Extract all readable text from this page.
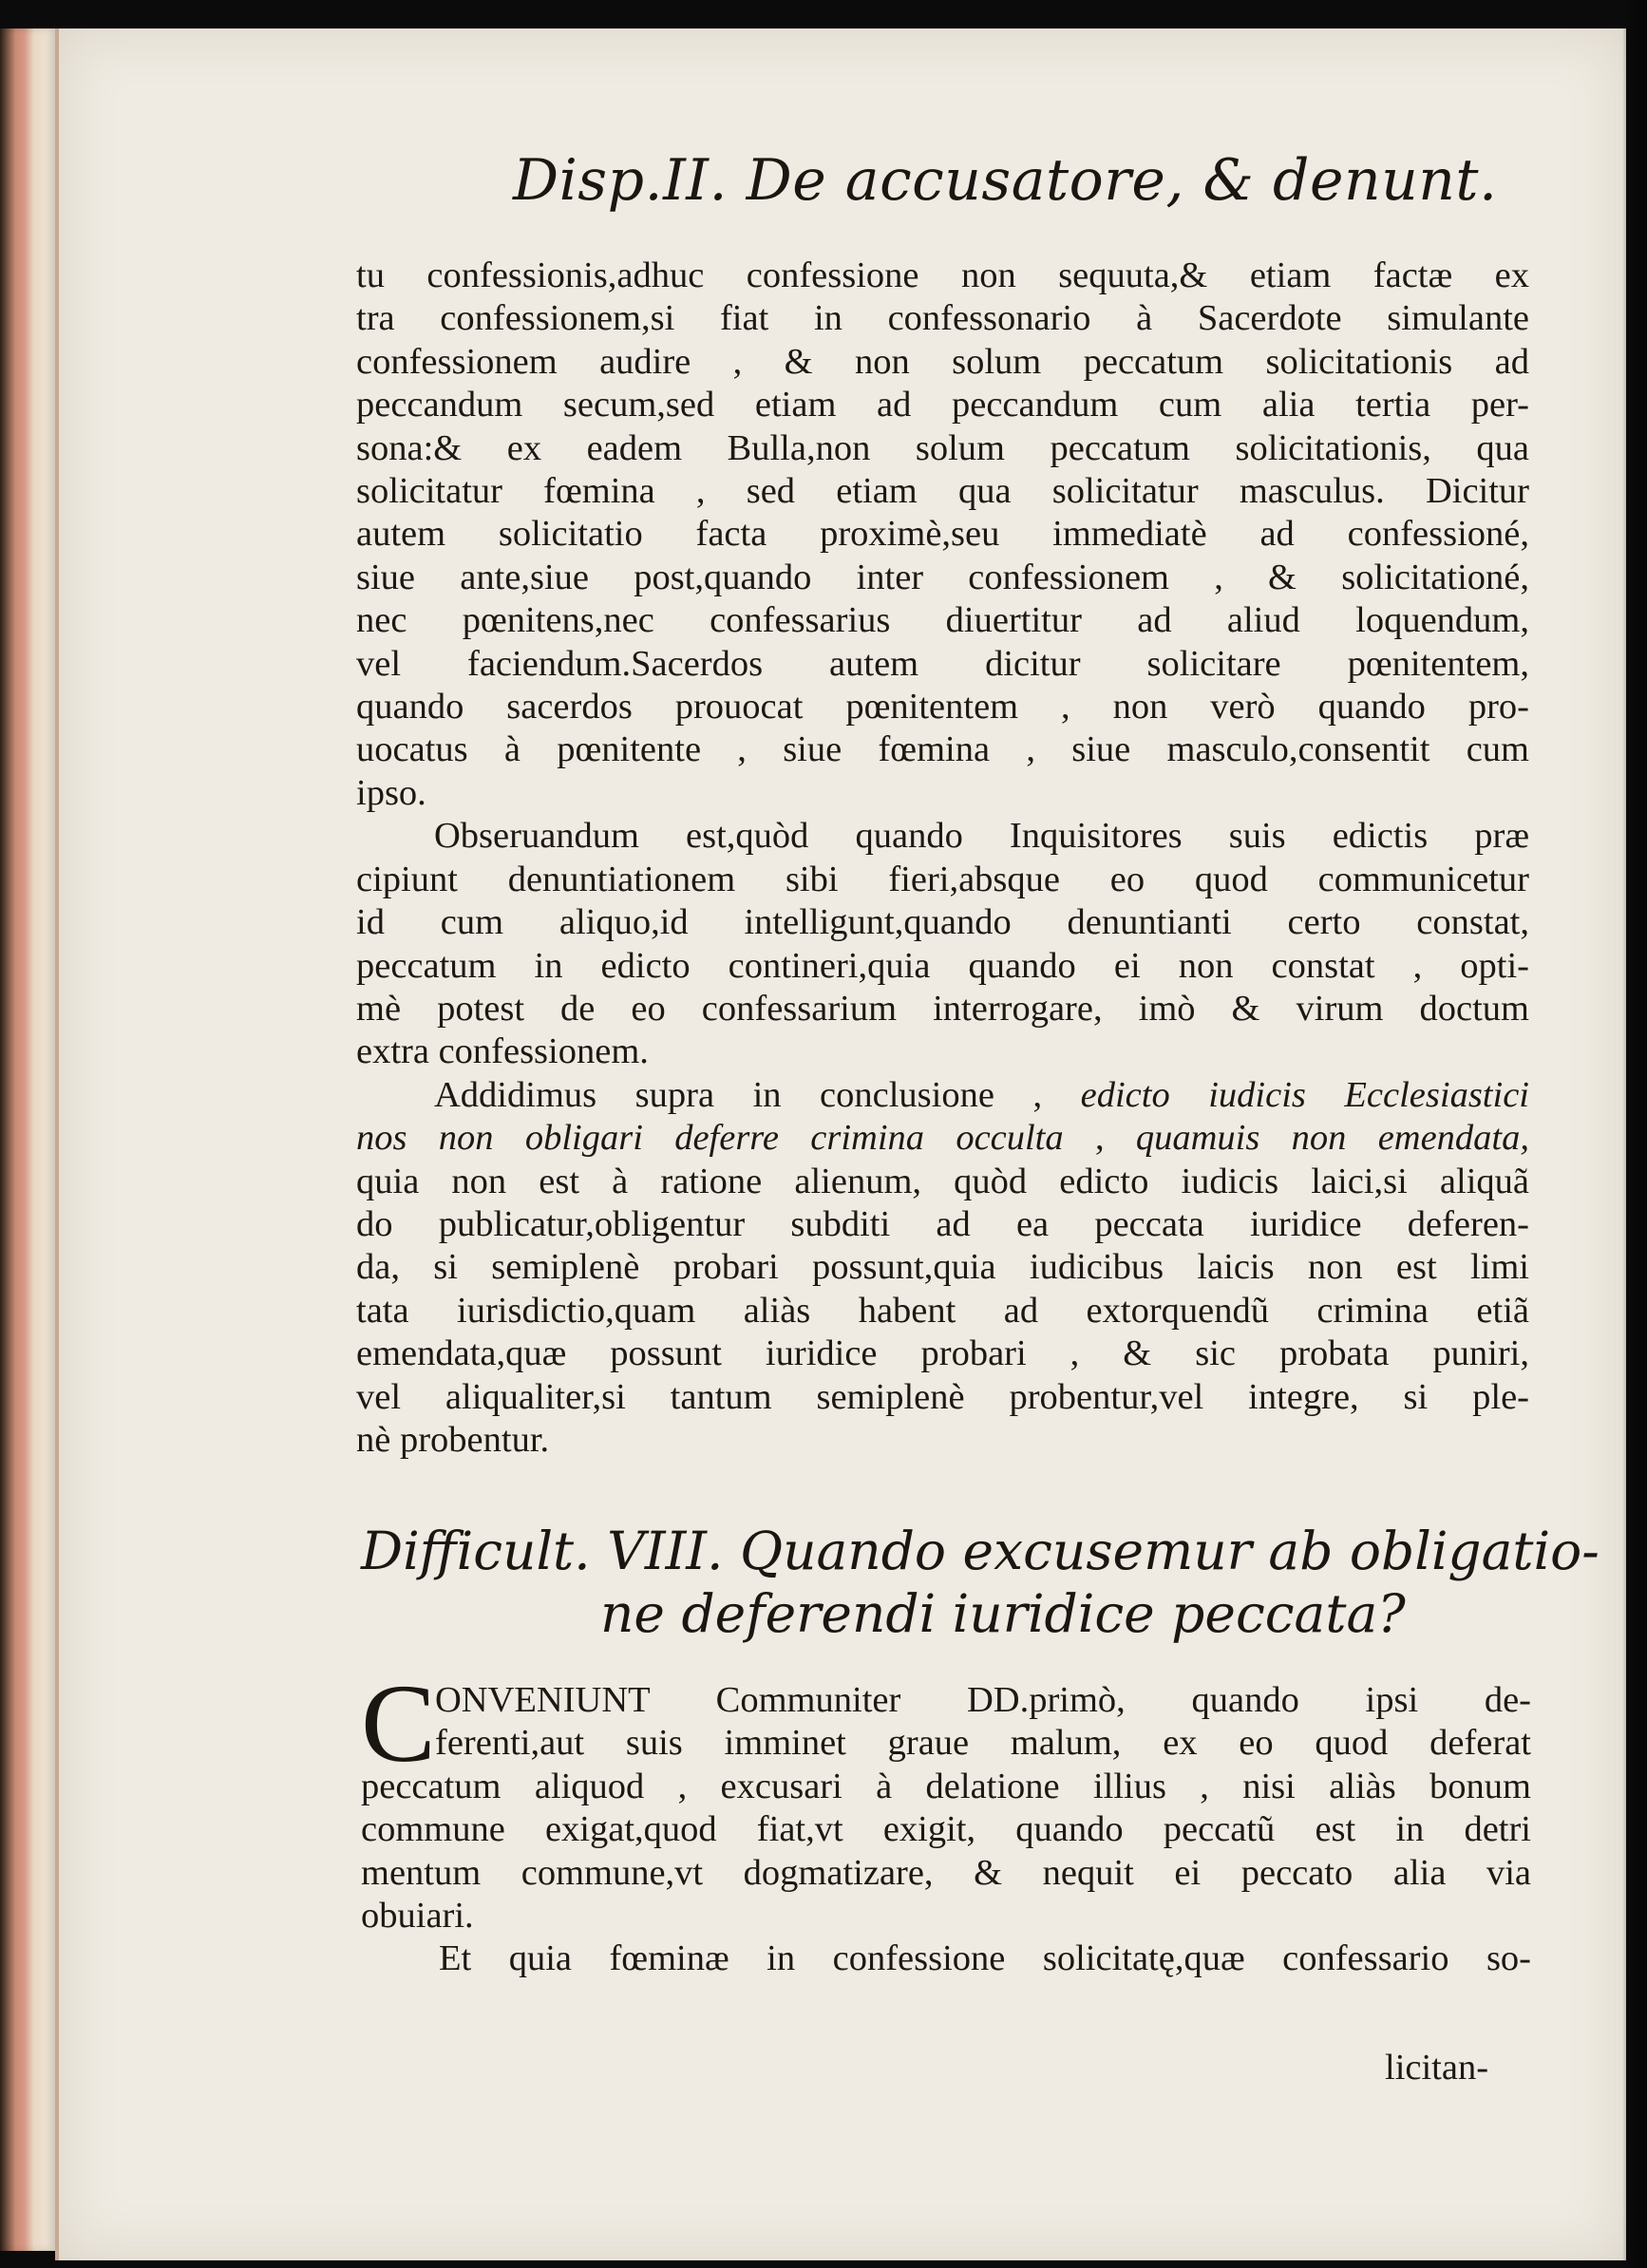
Disp.II. De accusatore, & denunt.
tu confessionis,adhuc confessione non sequuta,& etiam factæ ex
tra confessionem,si fiat in confessonario à Sacerdote simulante
confessionem audire , & non solum peccatum solicitationis ad
peccandum secum,sed etiam ad peccandum cum alia tertia per-
sona:& ex eadem Bulla,non solum peccatum solicitationis, qua
solicitatur fœmina , sed etiam qua solicitatur masculus. Dicitur
autem solicitatio facta proximè,seu immediatè ad confessioné,
siue ante,siue post,quando inter confessionem , & solicitationé,
nec pœnitens,nec confessarius diuertitur ad aliud loquendum,
vel faciendum.Sacerdos autem dicitur solicitare pœnitentem,
quando sacerdos prouocat pœnitentem , non verò quando pro-
uocatus à pœnitente , siue fœmina , siue masculo,consentit cum
ipso.
Obseruandum est,quòd quando Inquisitores suis edictis præ
cipiunt denuntiationem sibi fieri,absque eo quod communicetur
id cum aliquo,id intelligunt,quando denuntianti certo constat,
peccatum in edicto contineri,quia quando ei non constat , opti-
mè potest de eo confessarium interrogare, imò & virum doctum
extra confessionem.
Addidimus supra in conclusione , edicto iudicis Ecclesiastici
nos non obligari deferre crimina occulta , quamuis non emendata,
quia non est à ratione alienum, quòd edicto iudicis laici,si aliquã
do publicatur,obligentur subditi ad ea peccata iuridice deferen-
da, si semiplenè probari possunt,quia iudicibus laicis non est limi
tata iurisdictio,quam aliàs habent ad extorquendũ crimina etiã
emendata,quæ possunt iuridice probari , & sic probata puniri,
vel aliqualiter,si tantum semiplenè probentur,vel integre, si ple-
nè probentur.
Difficult. VIII. Quando excusemur ab obligatio-
ne deferendi iuridice peccata?
C ONVENIUNT Communiter DD.primò, quando ipsi de-
ferenti,aut suis imminet graue malum, ex eo quod deferat
peccatum aliquod , excusari à delatione illius , nisi aliàs bonum
commune exigat,quod fiat,vt exigit, quando peccatũ est in detri
mentum commune,vt dogmatizare, & nequit ei peccato alia via
obuiari.
Et quia fœminæ in confessione solicitatę,quæ confessario so-
licitan-
